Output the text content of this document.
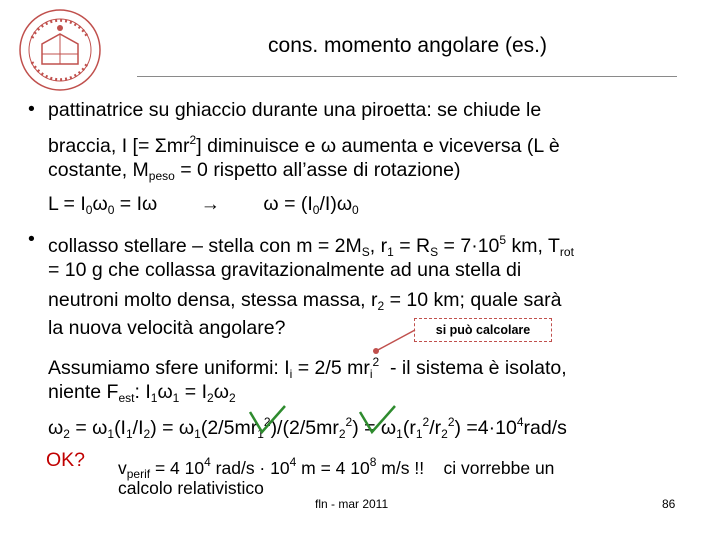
cons. momento angolare (es.)
• pattinatrice su ghiaccio durante una piroetta: se chiude le
braccia, I [= Σmr$^2$] diminuisce e ω aumenta e viceversa (L è
costante, $M_{peso} = 0$ rispetto all’asse di rotazione)
$L = I_0\omega_0 = I\omega$        →        $\omega = (I_0/I)\omega_0$
• collasso stellare – stella con $m = 2M_S$, $r_1 = R_S = 7\cdot 10^5$ km, $T_{rot}$
= 10 g che collassa gravitazionalmente ad una stella di
neutroni molto densa, stessa massa, $r_2 = 10$ km; quale sarà
la nuova velocità angolare?	si può calcolare
Assumiamo sfere uniformi: $I_i = 2/5$ $mr_i^2$  - il sistema è isolato,
niente $F_{est}$: $I_1\omega_1 = I_2\omega_2$
$\omega_2 = \omega_1(I_1/I_2) = \omega_1(2/5mr_1^2)/(2/5mr_2^2) = \omega_1(r_1^2/r_2^2) =4\cdot 10^4rad/s$
OK? $v_{perif} = 4$ $10^4$ $rad/s \cdot 10^4$ m = 4 $10^8$ m/s !!    ci vorrebbe un
calcolo relativistico
fln - mar 2011	86
